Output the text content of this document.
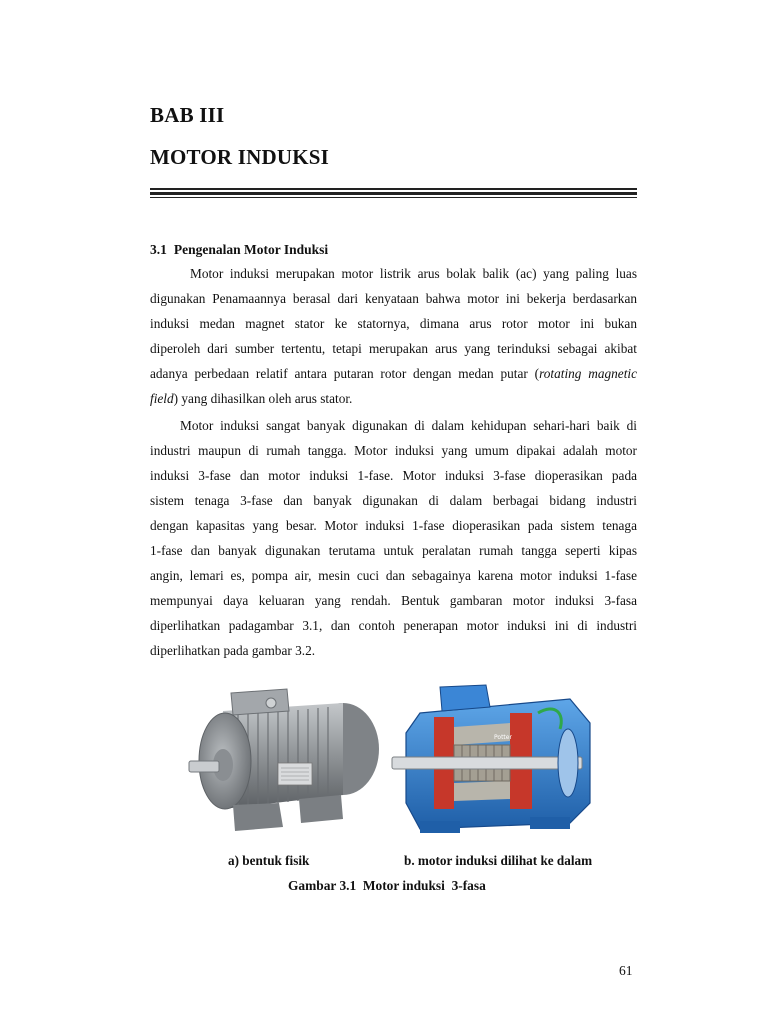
BAB III
MOTOR INDUKSI
3.1 Pengenalan Motor Induksi
Motor induksi merupakan motor listrik arus bolak balik (ac) yang paling luas
digunakan Penamaannya berasal dari kenyataan bahwa motor ini bekerja berdasarkan
induksi medan magnet stator ke statornya, dimana arus rotor motor ini bukan
diperoleh dari sumber tertentu, tetapi merupakan arus yang terinduksi sebagai akibat
adanya perbedaan relatif antara putaran rotor dengan medan putar (rotating magnetic
field) yang dihasilkan oleh arus stator.
Motor induksi sangat banyak digunakan di dalam kehidupan sehari-hari baik di
industri maupun di rumah tangga. Motor induksi yang umum dipakai adalah motor
induksi 3-fase dan motor induksi 1-fase. Motor induksi 3-fase dioperasikan pada
sistem tenaga 3-fase dan banyak digunakan di dalam berbagai bidang industri
dengan kapasitas yang besar. Motor induksi 1-fase dioperasikan pada sistem tenaga
1-fase dan banyak digunakan terutama untuk peralatan rumah tangga seperti kipas
angin, lemari es, pompa air, mesin cuci dan sebagainya karena motor induksi 1-fase
mempunyai daya keluaran yang rendah. Bentuk gambaran motor induksi 3-fasa
diperlihatkan padagambar 3.1, dan contoh penerapan motor induksi ini di industri
diperlihatkan pada gambar 3.2.
Potter
a) bentuk fisik	b. motor induksi dilihat ke dalam
Gambar 3.1  Motor induksi  3-fasa
61
